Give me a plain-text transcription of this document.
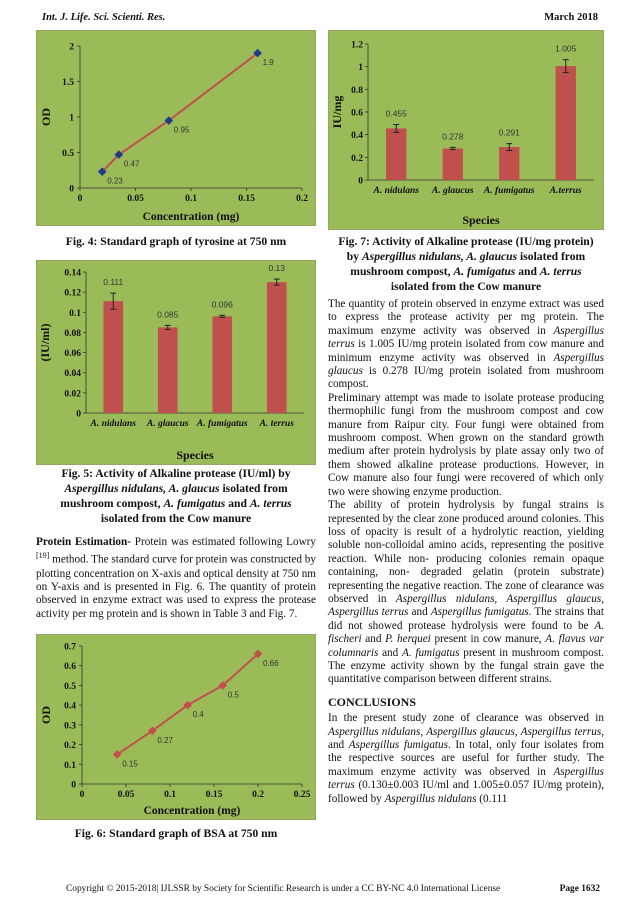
Int. J. Life. Sci. Scienti. Res.	March 2018
0
0.5
1
1.5
2
0	0.05	0.1	0.15	0.2
0.23
0.47
0.95
1.9
Concentration (mg)
OD
Fig. 4: Standard graph of tyrosine at 750 nm
0
0.02
0.04
0.06
0.08
0.1
0.12
0.14
0.111
A. nidulans
0.085
A. glaucus
0.096
A. fumigatus
0.13
A. terrus
Species
(IU/ml)
Fig. 5: Activity of Alkaline protease (IU/ml) by
Aspergillus nidulans, A. glaucus isolated from
mushroom compost, A. fumigatus and A. terrus
isolated from the Cow manure

Protein Estimation- Protein was estimated following Lowry [19] method. The standard curve for protein was constructed by plotting concentration on X-axis and optical density at 750 nm on Y-axis and is presented in Fig. 6. The quantity of protein observed in enzyme extract was used to express the protease activity per mg protein and is shown in Table 3 and Fig. 7.

0
0.1
0.2
0.3
0.4
0.5
0.6
0.7
0	0.05	0.1	0.15	0.2	0.25
0.15
0.27
0.4
0.5
0.66
Concentration (mg)
OD
Fig. 6: Standard graph of BSA at 750 nm
0
0.2
0.4
0.6
0.8
1
1.2
0.455
A. nidulans
0.278
A. glaucus
0.291
A. fumigatus
1.005
A.terrus
Species
IU/mg
Fig. 7: Activity of Alkaline protease (IU/mg protein)
by Aspergillus nidulans, A. glaucus isolated from
mushroom compost, A. fumigatus and A. terrus
isolated from the Cow manure

The quantity of protein observed in enzyme extract was used to express the protease activity per mg protein. The maximum enzyme activity was observed in Aspergillus terrus is 1.005 IU/mg protein isolated from cow manure and minimum enzyme activity was observed in Aspergillus glaucus is 0.278 IU/mg protein isolated from mushroom compost.

Preliminary attempt was made to isolate protease producing thermophilic fungi from the mushroom compost and cow manure from Raipur city. Four fungi were obtained from mushroom compost. When grown on the standard growth medium after protein hydrolysis by plate assay only two of them showed alkaline protease productions. However, in Cow manure also four fungi were recovered of which only two were showing enzyme production.

The ability of protein hydrolysis by fungal strains is represented by the clear zone produced around colonies. This loss of opacity is result of a hydrolytic reaction, yielding soluble non-colloidal amino acids, representing the positive reaction. While non- producing colonies remain opaque containing, non- degraded gelatin (protein substrate) representing the negative reaction. The zone of clearance was observed in Aspergillus nidulans, Aspergillus glaucus, Aspergillus terrus and Aspergillus fumigatus. The strains that did not showed protease hydrolysis were found to be A. fischeri and P. herquei present in cow manure, A. flavus var columnaris and A. fumigatus present in mushroom compost. The enzyme activity shown by the fungal strain gave the quantitative comparison between different strains.

CONCLUSIONS

In the present study zone of clearance was observed in Aspergillus nidulans, Aspergillus glaucus, Aspergillus terrus, and Aspergillus fumigatus. In total, only four isolates from the respective sources are useful for further study. The maximum enzyme activity was observed in Aspergillus terrus (0.130±0.003 IU/ml and 1.005±0.057 IU/mg protein), followed by Aspergillus nidulans (0.111

Copyright © 2015-2018| IJLSSR by Society for Scientific Research is under a CC BY-NC 4.0 International License	Page 1632
